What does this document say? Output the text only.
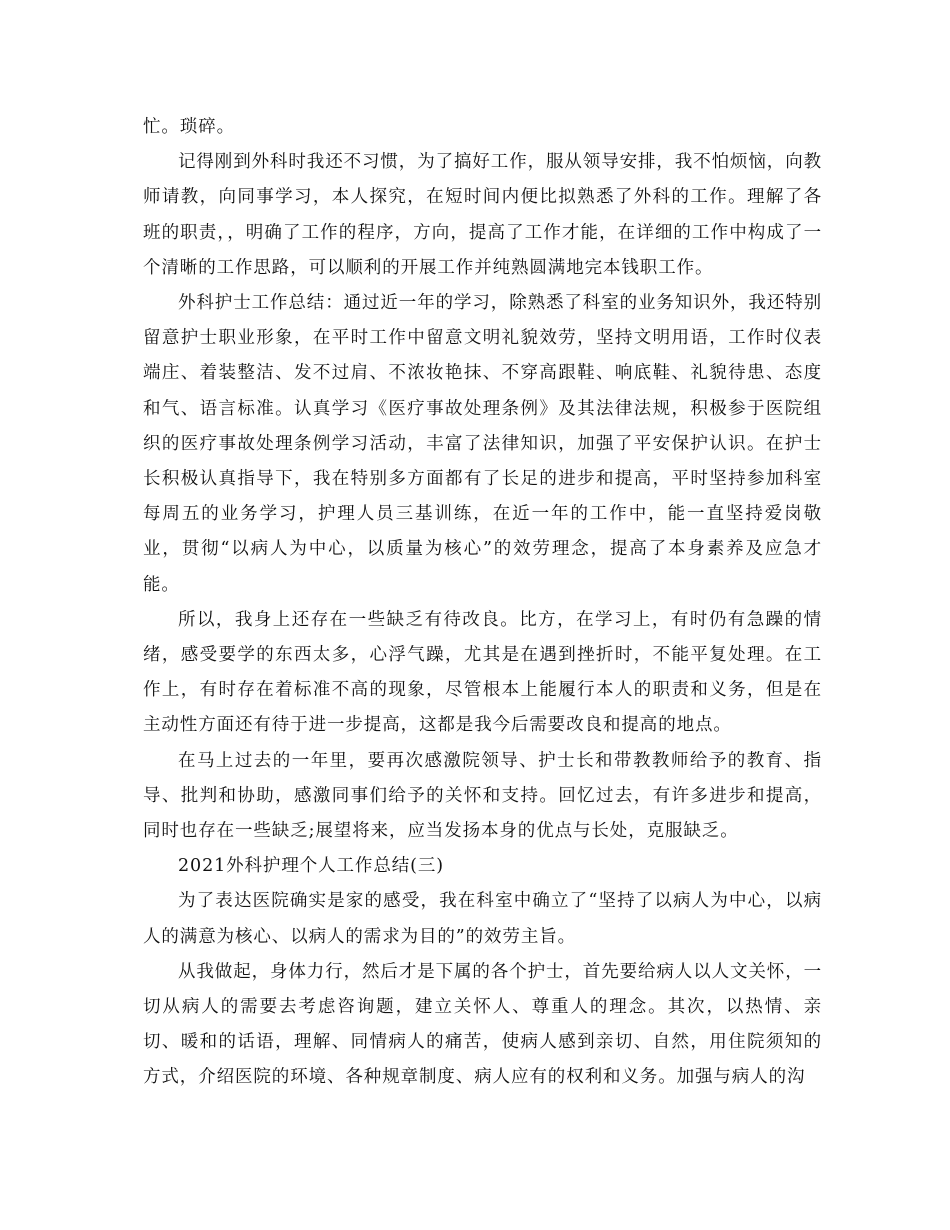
忙。琐碎。

记得刚到外科时我还不习惯，为了搞好工作，服从领导安排，我不怕烦恼，向教师请教，向同事学习，本人探究，在短时间内便比拟熟悉了外科的工作。理解了各班的职责，，明确了工作的程序，方向，提高了工作才能，在详细的工作中构成了一个清晰的工作思路，可以顺利的开展工作并纯熟圆满地完本钱职工作。

外科护士工作总结：通过近一年的学习，除熟悉了科室的业务知识外，我还特别留意护士职业形象，在平时工作中留意文明礼貌效劳，坚持文明用语，工作时仪表端庄、着装整洁、发不过肩、不浓妆艳抹、不穿高跟鞋、响底鞋、礼貌待患、态度和气、语言标准。认真学习《医疗事故处理条例》及其法律法规，积极参于医院组织的医疗事故处理条例学习活动，丰富了法律知识，加强了平安保护认识。在护士长积极认真指导下，我在特别多方面都有了长足的进步和提高，平时坚持参加科室每周五的业务学习，护理人员三基训练，在近一年的工作中，能一直坚持爱岗敬业，贯彻“以病人为中心，以质量为核心”的效劳理念，提高了本身素养及应急才能。

所以，我身上还存在一些缺乏有待改良。比方，在学习上，有时仍有急躁的情绪，感受要学的东西太多，心浮气躁，尤其是在遇到挫折时，不能平复处理。在工作上，有时存在着标准不高的现象，尽管根本上能履行本人的职责和义务，但是在主动性方面还有待于进一步提高，这都是我今后需要改良和提高的地点。

在马上过去的一年里，要再次感激院领导、护士长和带教教师给予的教育、指导、批判和协助，感激同事们给予的关怀和支持。回忆过去，有许多进步和提高，同时也存在一些缺乏;展望将来，应当发扬本身的优点与长处，克服缺乏。

2021外科护理个人工作总结(三)

为了表达医院确实是家的感受，我在科室中确立了“坚持了以病人为中心，以病人的满意为核心、以病人的需求为目的”的效劳主旨。

从我做起，身体力行，然后才是下属的各个护士，首先要给病人以人文关怀，一切从病人的需要去考虑咨询题，建立关怀人、尊重人的理念。其次，以热情、亲切、暖和的话语，理解、同情病人的痛苦，使病人感到亲切、自然，用住院须知的方式，介绍医院的环境、各种规章制度、病人应有的权利和义务。加强与病人的沟
